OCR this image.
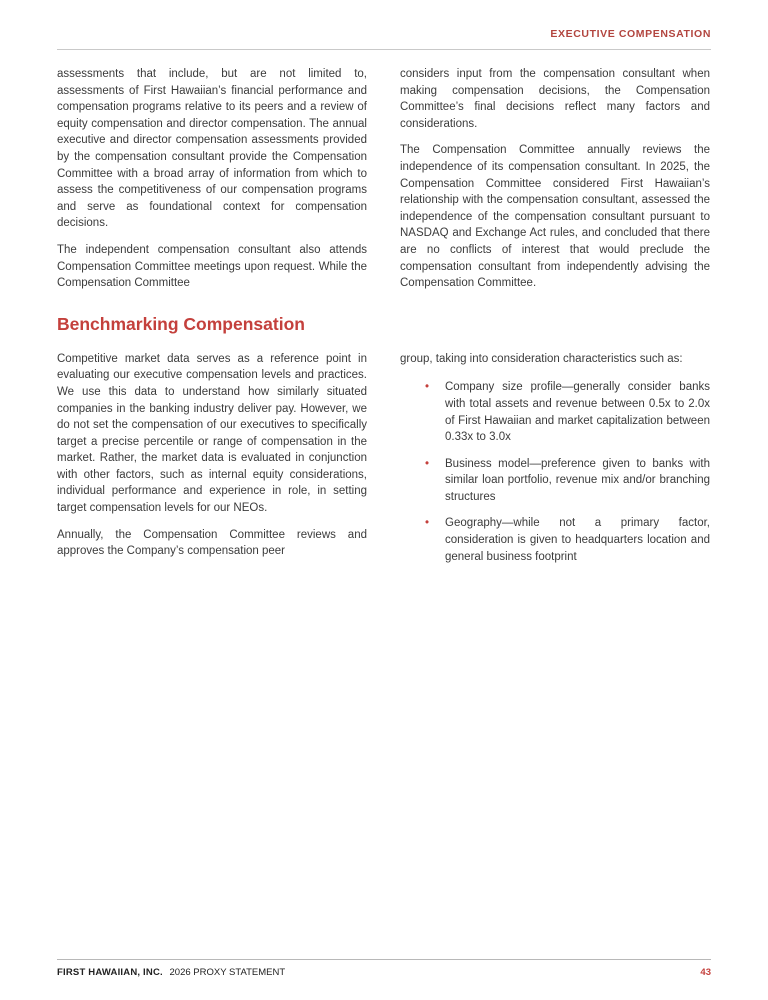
EXECUTIVE COMPENSATION

assessments that include, but are not limited to, assessments of First Hawaiian’s financial performance and compensation programs relative to its peers and a review of equity compensation and director compensation. The annual executive and director compensation assessments provided by the compensation consultant provide the Compensation Committee with a broad array of information from which to assess the competitiveness of our compensation programs and serve as foundational context for compensation decisions.

The independent compensation consultant also attends Compensation Committee meetings upon request. While the Compensation Committee

considers input from the compensation consultant when making compensation decisions, the Compensation Committee’s final decisions reflect many factors and considerations.

The Compensation Committee annually reviews the independence of its compensation consultant. In 2025, the Compensation Committee considered First Hawaiian’s relationship with the compensation consultant, assessed the independence of the compensation consultant pursuant to NASDAQ and Exchange Act rules, and concluded that there are no conflicts of interest that would preclude the compensation consultant from independently advising the Compensation Committee.

Benchmarking Compensation

Competitive market data serves as a reference point in evaluating our executive compensation levels and practices. We use this data to understand how similarly situated companies in the banking industry deliver pay. However, we do not set the compensation of our executives to specifically target a precise percentile or range of compensation in the market. Rather, the market data is evaluated in conjunction with other factors, such as internal equity considerations, individual performance and experience in role, in setting target compensation levels for our NEOs.

Annually, the Compensation Committee reviews and approves the Company’s compensation peer

group, taking into consideration characteristics such as:

•	Company size profile—generally consider banks with total assets and revenue between 0.5x to 2.0x of First Hawaiian and market capitalization between 0.33x to 3.0x
•	Business model—preference given to banks with similar loan portfolio, revenue mix and/or branching structures
•	Geography—while not a primary factor, consideration is given to headquarters location and general business footprint
FIRST HAWAIIAN, INC. 2026 PROXY STATEMENT	43
